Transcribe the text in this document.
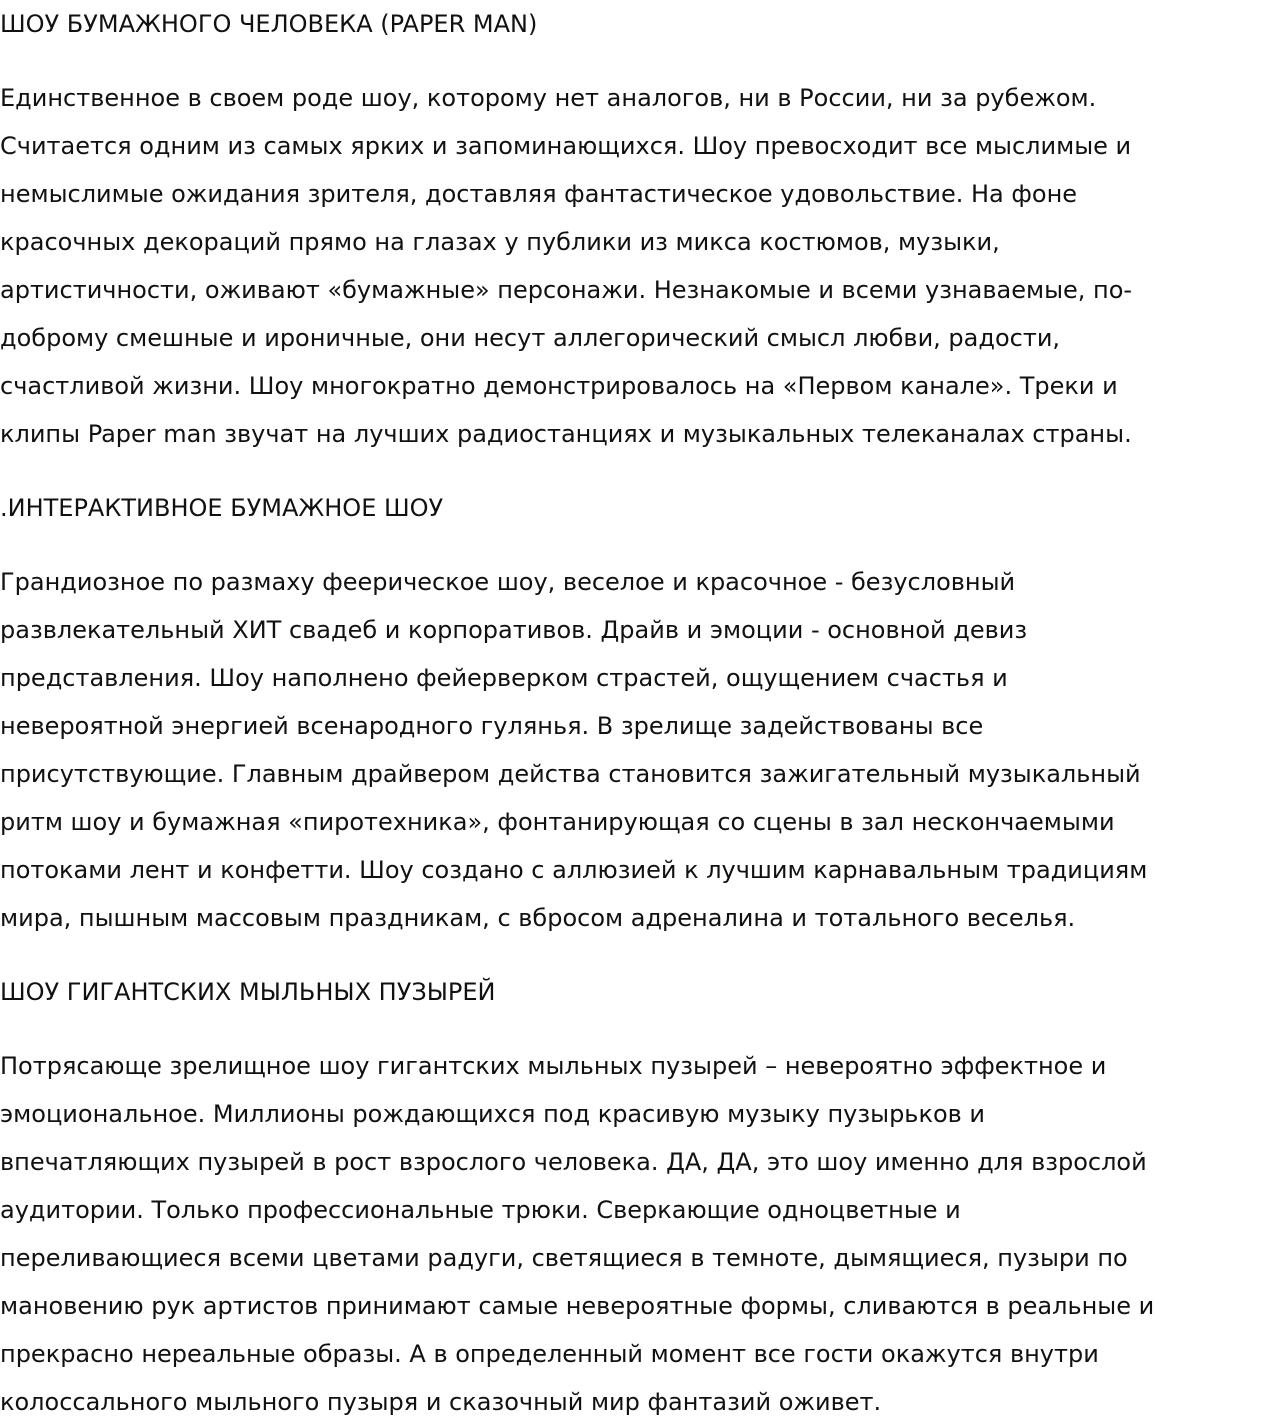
ШОУ БУМАЖНОГО ЧЕЛОВЕКА (PAPER MAN)
Единственное в своем роде шоу, которому нет аналогов, ни в России, ни за рубежом.
Считается одним из самых ярких и запоминающихся. Шоу превосходит все мыслимые и
немыслимые ожидания зрителя, доставляя фантастическое удовольствие. На фоне
красочных декораций прямо на глазах у публики из микса костюмов, музыки,
артистичности, оживают «бумажные» персонажи. Незнакомые и всеми узнаваемые, по-
доброму смешные и ироничные, они несут аллегорический смысл любви, радости,
счастливой жизни. Шоу многократно демонстрировалось на «Первом канале». Треки и
клипы Paper man звучат на лучших радиостанциях и музыкальных телеканалах страны.
.ИНТЕРАКТИВНОЕ БУМАЖНОЕ ШОУ
Грандиозное по размаху феерическое шоу, веселое и красочное - безусловный
развлекательный ХИТ свадеб и корпоративов. Драйв и эмоции - основной девиз
представления. Шоу наполнено фейерверком страстей, ощущением счастья и
невероятной энергией всенародного гулянья. В зрелище задействованы все
присутствующие. Главным драйвером действа становится зажигательный музыкальный
ритм шоу и бумажная «пиротехника», фонтанирующая со сцены в зал нескончаемыми
потоками лент и конфетти. Шоу создано с аллюзией к лучшим карнавальным традициям
мира, пышным массовым праздникам, с вбросом адреналина и тотального веселья.
ШОУ ГИГАНТСКИХ МЫЛЬНЫХ ПУЗЫРЕЙ
Потрясающе зрелищное шоу гигантских мыльных пузырей – невероятно эффектное и
эмоциональное. Миллионы рождающихся под красивую музыку пузырьков и
впечатляющих пузырей в рост взрослого человека. ДА, ДА, это шоу именно для взрослой
аудитории. Только профессиональные трюки. Сверкающие одноцветные и
переливающиеся всеми цветами радуги, светящиеся в темноте, дымящиеся, пузыри по
мановению рук артистов принимают самые невероятные формы, сливаются в реальные и
прекрасно нереальные образы. А в определенный момент все гости окажутся внутри
колоссального мыльного пузыря и сказочный мир фантазий оживет.
